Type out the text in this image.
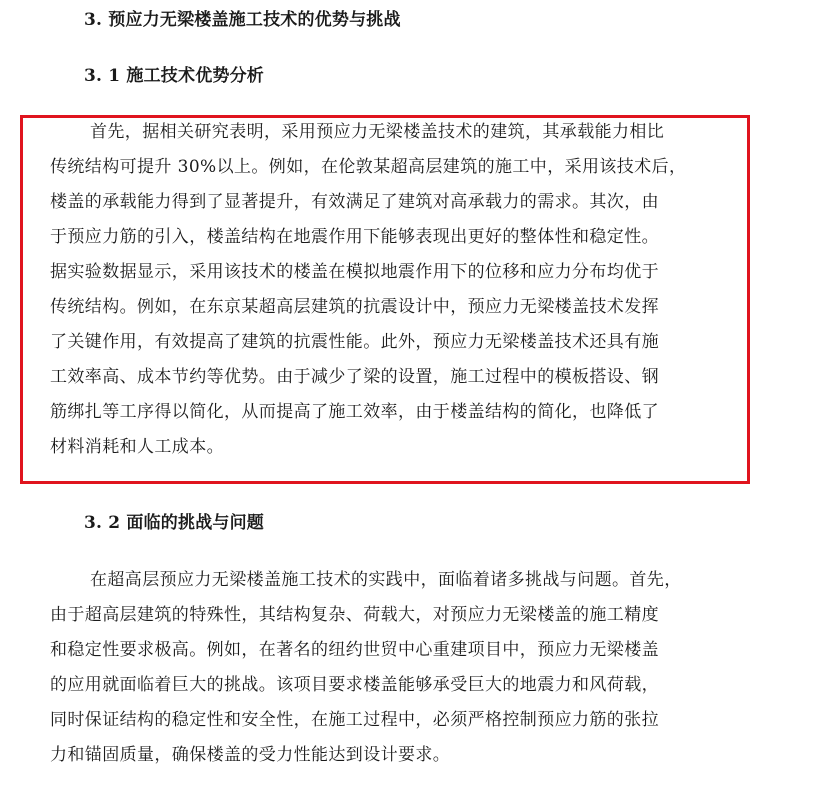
3. 预应力无梁楼盖施工技术的优势与挑战
3. 1 施工技术优势分析
首先，据相关研究表明，采用预应力无梁楼盖技术的建筑，其承载能力相比
传统结构可提升 30%以上。例如，在伦敦某超高层建筑的施工中，采用该技术后，
楼盖的承载能力得到了显著提升，有效满足了建筑对高承载力的需求。其次，由
于预应力筋的引入，楼盖结构在地震作用下能够表现出更好的整体性和稳定性。
据实验数据显示，采用该技术的楼盖在模拟地震作用下的位移和应力分布均优于
传统结构。例如，在东京某超高层建筑的抗震设计中，预应力无梁楼盖技术发挥
了关键作用，有效提高了建筑的抗震性能。此外，预应力无梁楼盖技术还具有施
工效率高、成本节约等优势。由于减少了梁的设置，施工过程中的模板搭设、钢
筋绑扎等工序得以简化，从而提高了施工效率，由于楼盖结构的简化，也降低了
材料消耗和人工成本。
3. 2 面临的挑战与问题
在超高层预应力无梁楼盖施工技术的实践中，面临着诸多挑战与问题。首先，
由于超高层建筑的特殊性，其结构复杂、荷载大，对预应力无梁楼盖的施工精度
和稳定性要求极高。例如，在著名的纽约世贸中心重建项目中，预应力无梁楼盖
的应用就面临着巨大的挑战。该项目要求楼盖能够承受巨大的地震力和风荷载，
同时保证结构的稳定性和安全性，在施工过程中，必须严格控制预应力筋的张拉
力和锚固质量，确保楼盖的受力性能达到设计要求。
